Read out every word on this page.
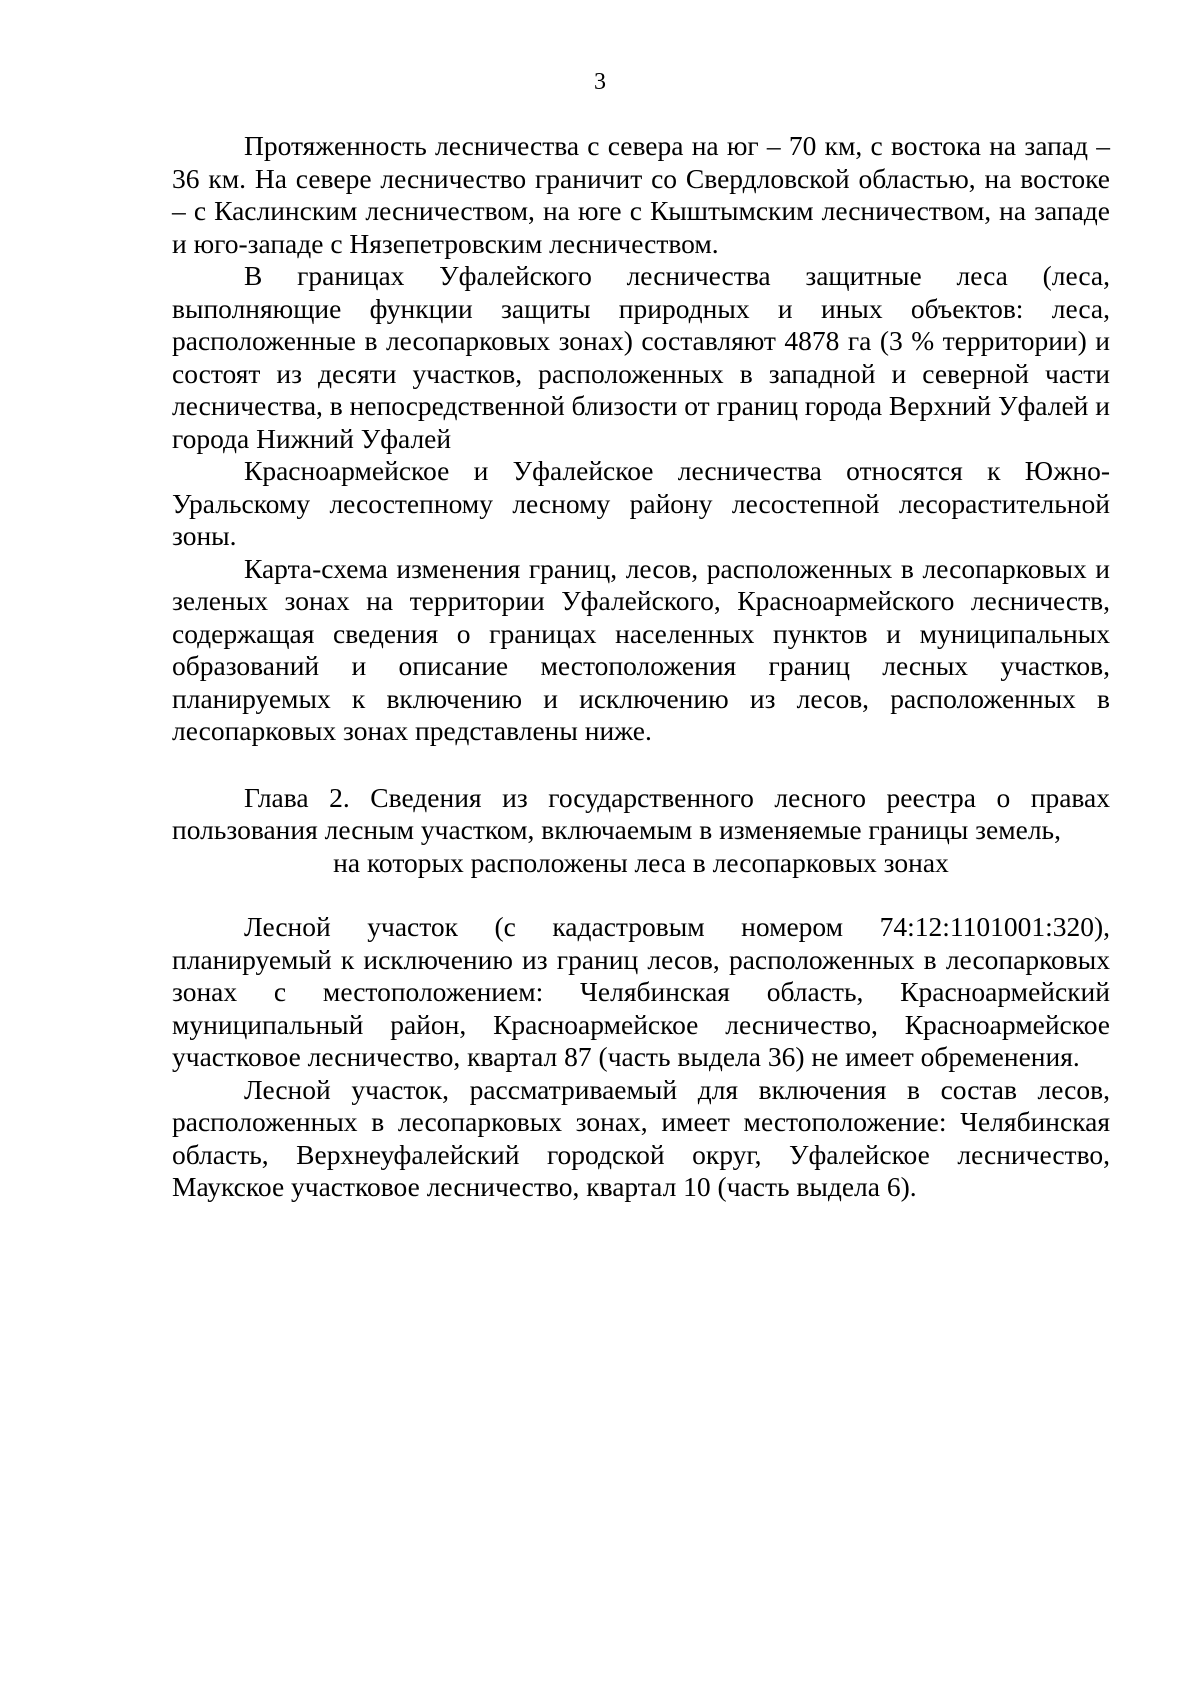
3

Протяженность лесничества с севера на юг – 70 км, с востока на запад – 36 км. На севере лесничество граничит со Свердловской областью, на востоке – с Каслинским лесничеством, на юге с Кыштымским лесничеством, на западе и юго-западе с Нязепетровским лесничеством.

В границах Уфалейского лесничества защитные леса (леса, выполняющие функции защиты природных и иных объектов: леса, расположенные в лесопарковых зонах) составляют 4878 га (3 % территории) и состоят из десяти участков, расположенных в западной и северной части лесничества, в непосредственной близости от границ города Верхний Уфалей и города Нижний Уфалей

Красноармейское и Уфалейское лесничества относятся к Южно-Уральскому лесостепному лесному району лесостепной лесорастительной зоны.

Карта-схема изменения границ, лесов, расположенных в лесопарковых и зеленых зонах на территории Уфалейского, Красноармейского лесничеств, содержащая сведения о границах населенных пунктов и муниципальных образований и описание местоположения границ лесных участков, планируемых к включению и исключению из лесов, расположенных в лесопарковых зонах представлены ниже.

Глава 2. Сведения из государственного лесного реестра о правах пользования лесным участком, включаемым в изменяемые границы земель,

на которых расположены леса в лесопарковых зонах

Лесной участок (с кадастровым номером 74:12:1101001:320), планируемый к исключению из границ лесов, расположенных в лесопарковых зонах с местоположением: Челябинская область, Красноармейский муниципальный район, Красноармейское лесничество, Красноармейское участковое лесничество, квартал 87 (часть выдела 36) не имеет обременения.

Лесной участок, рассматриваемый для включения в состав лесов, расположенных в лесопарковых зонах, имеет местоположение: Челябинская область, Верхнеуфалейский городской округ, Уфалейское лесничество, Маукское участковое лесничество, квартал 10 (часть выдела 6).
